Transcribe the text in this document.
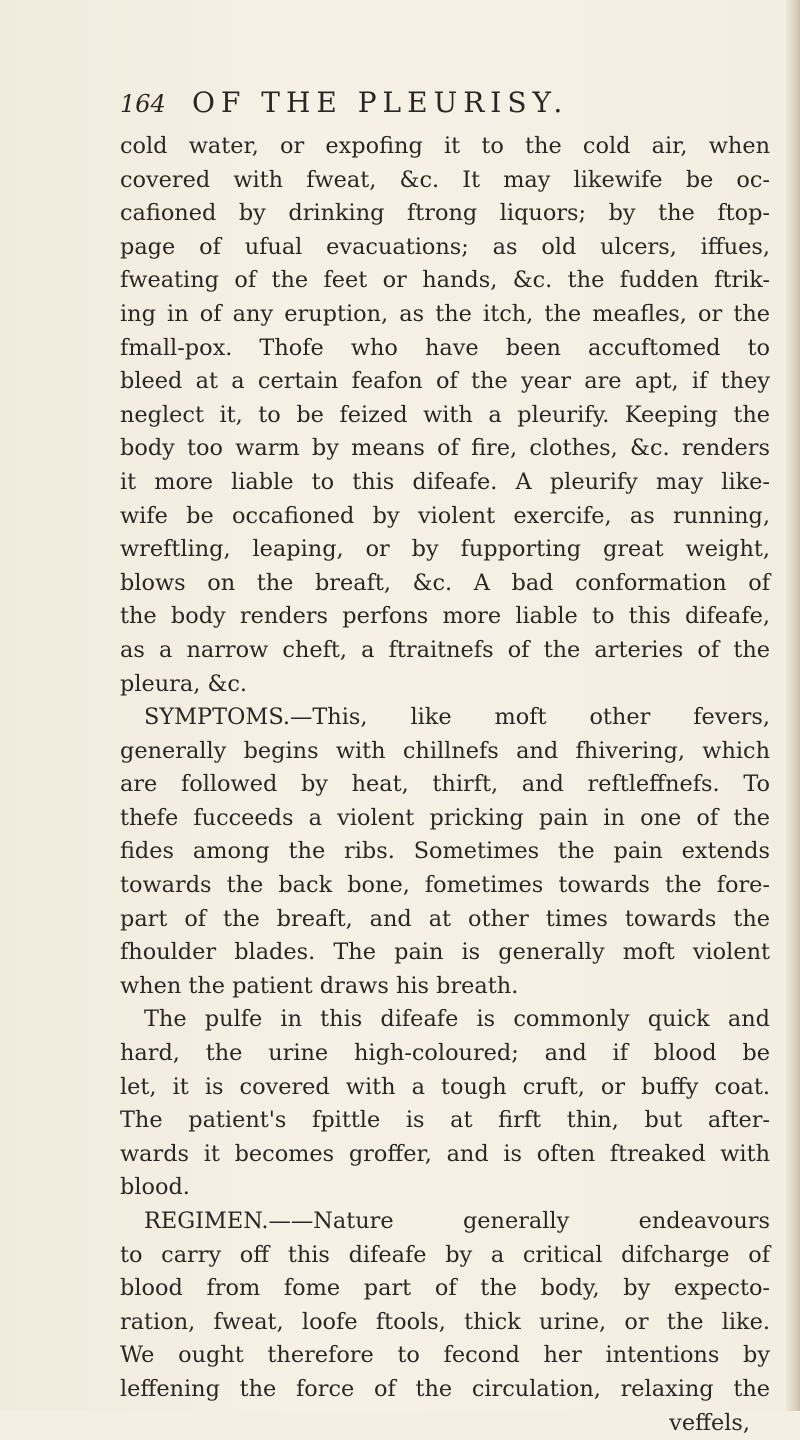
164 OF THE PLEURISY.
cold water, or expofing it to the cold air, when
covered with fweat, &c. It may likewife be oc-
cafioned by drinking ftrong liquors; by the ftop-
page of ufual evacuations; as old ulcers, iffues,
fweating of the feet or hands, &c. the fudden ftrik-
ing in of any eruption, as the itch, the meafles, or the
fmall-pox. Thofe who have been accuftomed to
bleed at a certain feafon of the year are apt, if they
neglect it, to be feized with a pleurify. Keeping the
body too warm by means of fire, clothes, &c. renders
it more liable to this difeafe. A pleurify may like-
wife be occafioned by violent exercife, as running,
wreftling, leaping, or by fupporting great weight,
blows on the breaft, &c. A bad conformation of
the body renders perfons more liable to this difeafe,
as a narrow cheft, a ftraitnefs of the arteries of the
pleura, &c.
SYMPTOMS.—This, like moft other fevers,
generally begins with chillnefs and fhivering, which
are followed by heat, thirft, and reftleffnefs. To
thefe fucceeds a violent pricking pain in one of the
fides among the ribs. Sometimes the pain extends
towards the back bone, fometimes towards the fore-
part of the breaft, and at other times towards the
fhoulder blades. The pain is generally moft violent
when the patient draws his breath.
The pulfe in this difeafe is commonly quick and
hard, the urine high-coloured; and if blood be
let, it is covered with a tough cruft, or buffy coat.
The patient's fpittle is at firft thin, but after-
wards it becomes groffer, and is often ftreaked with
blood.
REGIMEN.——Nature generally endeavours
to carry off this difeafe by a critical difcharge of
blood from fome part of the body, by expecto-
ration, fweat, loofe ftools, thick urine, or the like.
We ought therefore to fecond her intentions by
leffening the force of the circulation, relaxing the
veffels,
